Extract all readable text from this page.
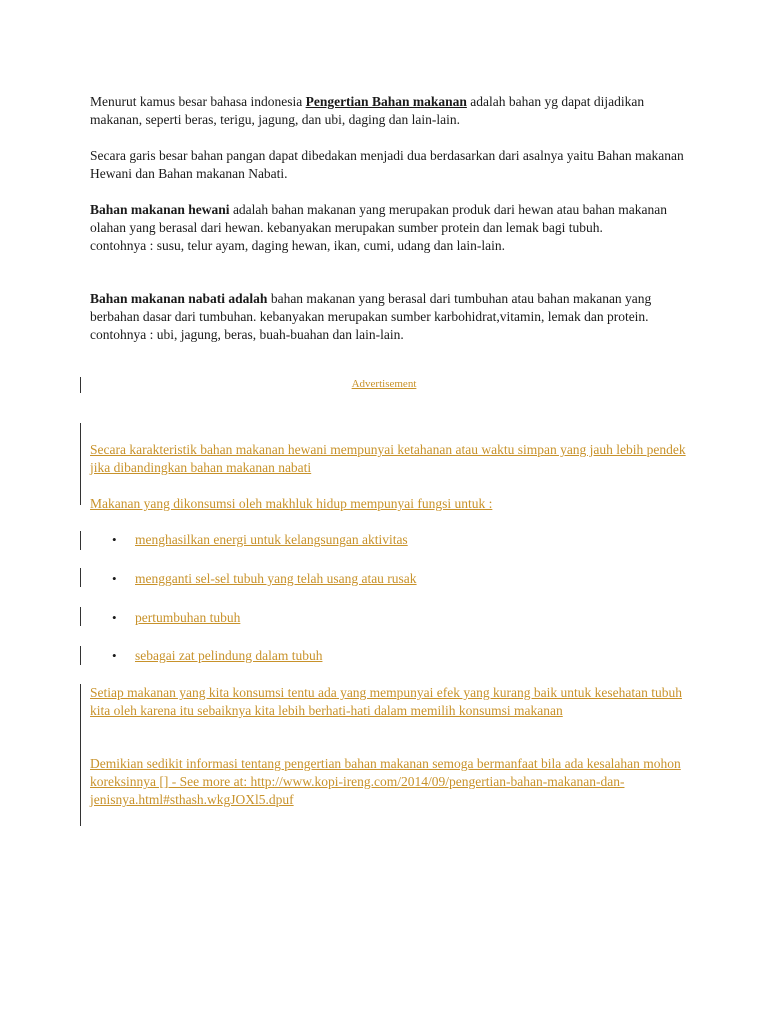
Menurut kamus besar bahasa indonesia Pengertian Bahan makanan adalah bahan yg dapat dijadikan makanan, seperti beras, terigu, jagung, dan ubi, daging dan lain-lain.

Secara garis besar bahan pangan dapat dibedakan menjadi dua berdasarkan dari asalnya yaitu Bahan makanan Hewani dan Bahan makanan Nabati.

Bahan makanan hewani adalah bahan makanan yang merupakan produk dari hewan atau bahan makanan olahan yang berasal dari hewan. kebanyakan merupakan sumber protein dan lemak bagi tubuh.
contohnya : susu, telur ayam, daging hewan, ikan, cumi, udang dan lain-lain.

Bahan makanan nabati adalah bahan makanan yang berasal dari tumbuhan atau bahan makanan yang berbahan dasar dari tumbuhan. kebanyakan merupakan sumber karbohidrat,vitamin, lemak dan protein.
contohnya : ubi, jagung, beras, buah-buahan dan lain-lain.

Advertisement

Secara karakteristik bahan makanan hewani mempunyai ketahanan atau waktu simpan yang jauh lebih pendek jika dibandingkan bahan makanan nabati

Makanan yang dikonsumsi oleh makhluk hidup mempunyai fungsi untuk :

•	menghasilkan energi untuk kelangsungan aktivitas
•	mengganti sel-sel tubuh yang telah usang atau rusak
•	pertumbuhan tubuh
•	sebagai zat pelindung dalam tubuh

Setiap makanan yang kita konsumsi tentu ada yang mempunyai efek yang kurang baik untuk kesehatan tubuh kita oleh karena itu sebaiknya kita lebih berhati-hati dalam memilih konsumsi makanan

Demikian sedikit informasi tentang pengertian bahan makanan semoga bermanfaat bila ada kesalahan mohon koreksinnya [] - See more at: http://www.kopi-ireng.com/2014/09/pengertian-bahan-makanan-dan-jenisnya.html#sthash.wkgJOXl5.dpuf
